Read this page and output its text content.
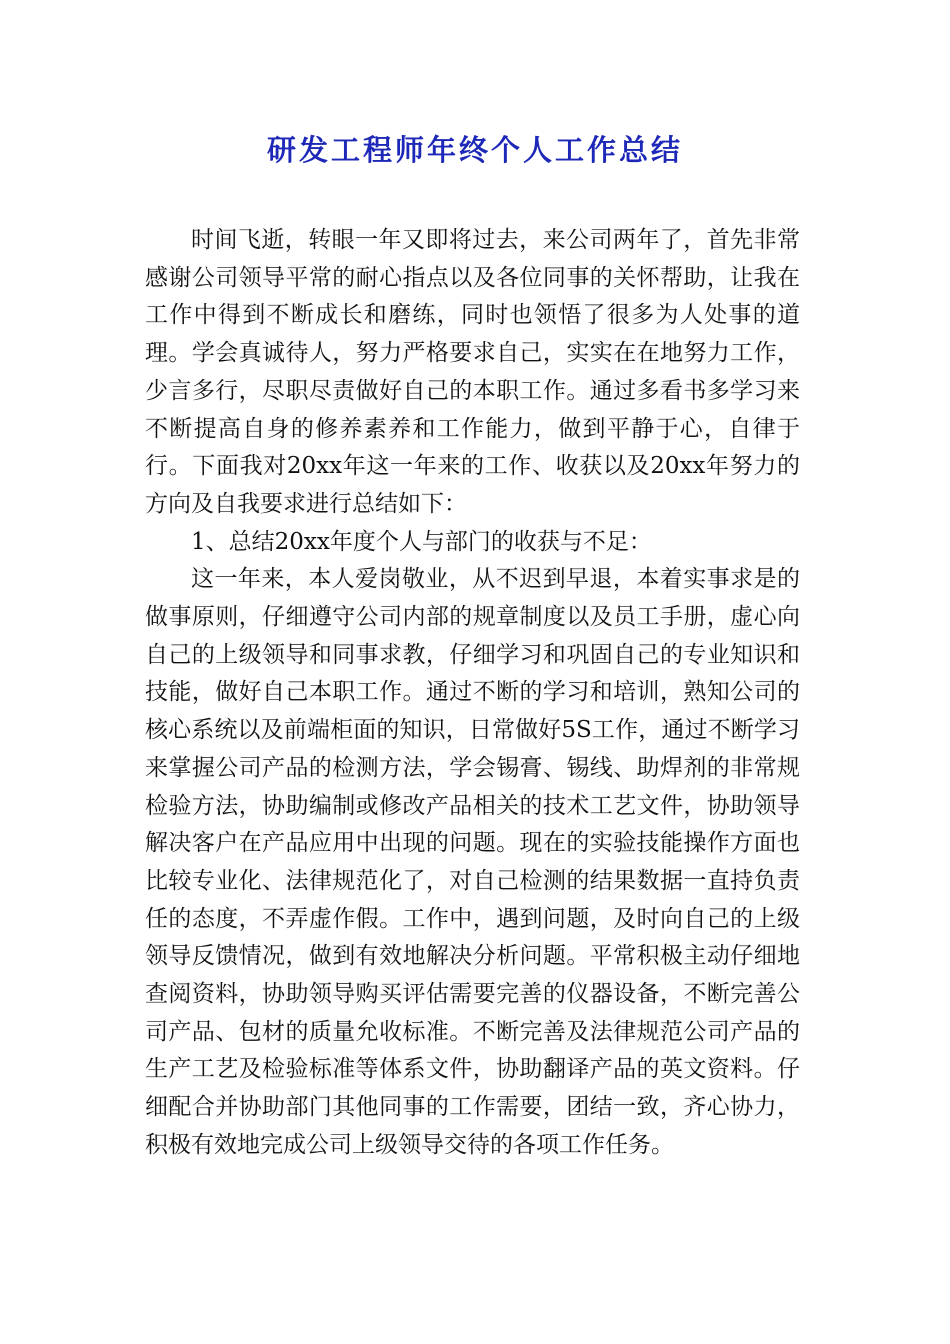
研发工程师年终个人工作总结

时间飞逝，转眼一年又即将过去，来公司两年了，首先非常感谢公司领导平常的耐心指点以及各位同事的关怀帮助，让我在工作中得到不断成长和磨练，同时也领悟了很多为人处事的道理。学会真诚待人，努力严格要求自己，实实在在地努力工作，少言多行，尽职尽责做好自己的本职工作。通过多看书多学习来不断提高自身的修养素养和工作能力，做到平静于心，自律于行。下面我对20xx年这一年来的工作、收获以及20xx年努力的方向及自我要求进行总结如下：

1、总结20xx年度个人与部门的收获与不足：

这一年来，本人爱岗敬业，从不迟到早退，本着实事求是的做事原则，仔细遵守公司内部的规章制度以及员工手册，虚心向自己的上级领导和同事求教，仔细学习和巩固自己的专业知识和技能，做好自己本职工作。通过不断的学习和培训，熟知公司的核心系统以及前端柜面的知识，日常做好5S工作，通过不断学习来掌握公司产品的检测方法，学会锡膏、锡线、助焊剂的非常规检验方法，协助编制或修改产品相关的技术工艺文件，协助领导解决客户在产品应用中出现的问题。现在的实验技能操作方面也比较专业化、法律规范化了，对自己检测的结果数据一直持负责任的态度，不弄虚作假。工作中，遇到问题，及时向自己的上级领导反馈情况，做到有效地解决分析问题。平常积极主动仔细地查阅资料，协助领导购买评估需要完善的仪器设备，不断完善公司产品、包材的质量允收标准。不断完善及法律规范公司产品的生产工艺及检验标准等体系文件，协助翻译产品的英文资料。仔细配合并协助部门其他同事的工作需要，团结一致，齐心协力，积极有效地完成公司上级领导交待的各项工作任务。
